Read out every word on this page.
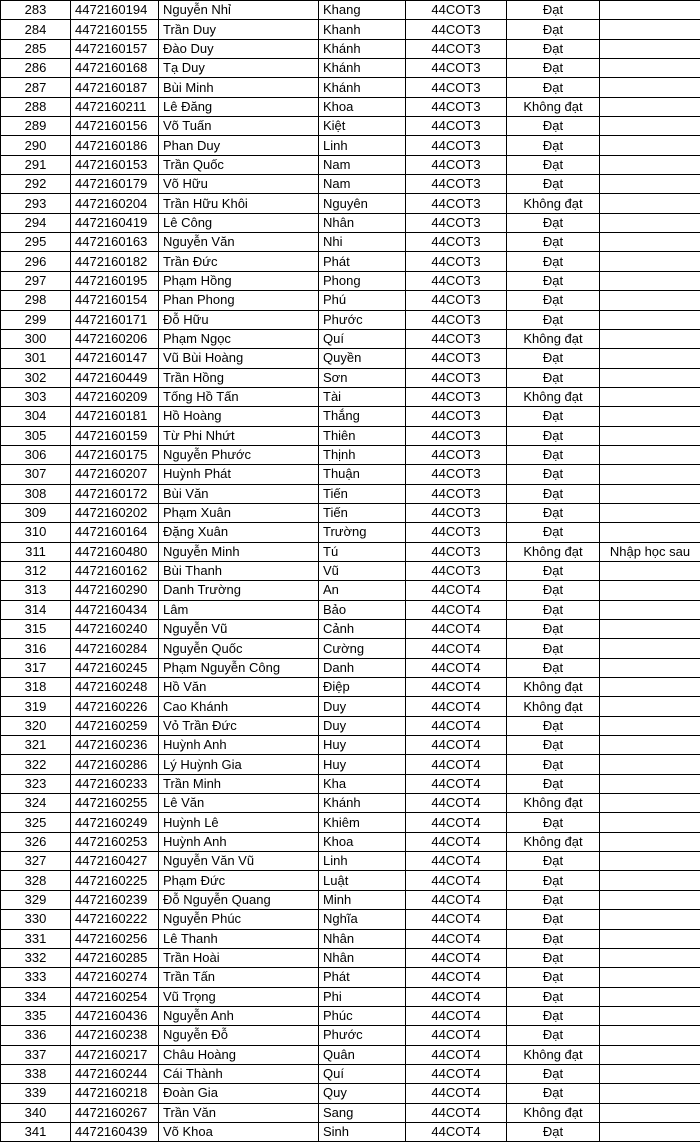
283	4472160194	Nguyễn Nhỉ	Khang	44COT3	Đạt	
284	4472160155	Trần Duy	Khanh	44COT3	Đạt	
285	4472160157	Đào Duy	Khánh	44COT3	Đạt	
286	4472160168	Tạ Duy	Khánh	44COT3	Đạt	
287	4472160187	Bùi Minh	Khánh	44COT3	Đạt	
288	4472160211	Lê Đăng	Khoa	44COT3	Không đạt	
289	4472160156	Võ Tuấn	Kiệt	44COT3	Đạt	
290	4472160186	Phan Duy	Linh	44COT3	Đạt	
291	4472160153	Trần Quốc	Nam	44COT3	Đạt	
292	4472160179	Võ Hữu	Nam	44COT3	Đạt	
293	4472160204	Trần Hữu Khôi	Nguyên	44COT3	Không đạt	
294	4472160419	Lê Công	Nhân	44COT3	Đạt	
295	4472160163	Nguyễn Văn	Nhi	44COT3	Đạt	
296	4472160182	Trần Đức	Phát	44COT3	Đạt	
297	4472160195	Phạm Hồng	Phong	44COT3	Đạt	
298	4472160154	Phan Phong	Phú	44COT3	Đạt	
299	4472160171	Đỗ Hữu	Phước	44COT3	Đạt	
300	4472160206	Phạm Ngọc	Quí	44COT3	Không đạt	
301	4472160147	Vũ Bùi Hoàng	Quyền	44COT3	Đạt	
302	4472160449	Trần Hồng	Sơn	44COT3	Đạt	
303	4472160209	Tống Hồ Tấn	Tài	44COT3	Không đạt	
304	4472160181	Hồ Hoàng	Thắng	44COT3	Đạt	
305	4472160159	Từ Phi Nhứt	Thiên	44COT3	Đạt	
306	4472160175	Nguyễn Phước	Thịnh	44COT3	Đạt	
307	4472160207	Huỳnh Phát	Thuận	44COT3	Đạt	
308	4472160172	Bùi Văn	Tiến	44COT3	Đạt	
309	4472160202	Phạm Xuân	Tiến	44COT3	Đạt	
310	4472160164	Đặng Xuân	Trường	44COT3	Đạt	
311	4472160480	Nguyễn Minh	Tú	44COT3	Không đạt	Nhập học sau
312	4472160162	Bùi Thanh	Vũ	44COT3	Đạt	
313	4472160290	Danh Trường	An	44COT4	Đạt	
314	4472160434	Lâm	Bảo	44COT4	Đạt	
315	4472160240	Nguyễn Vũ	Cảnh	44COT4	Đạt	
316	4472160284	Nguyễn Quốc	Cường	44COT4	Đạt	
317	4472160245	Phạm Nguyễn Công	Danh	44COT4	Đạt	
318	4472160248	Hồ Văn	Điệp	44COT4	Không đạt	
319	4472160226	Cao Khánh	Duy	44COT4	Không đạt	
320	4472160259	Vỏ Trần Đức	Duy	44COT4	Đạt	
321	4472160236	Huỳnh Anh	Huy	44COT4	Đạt	
322	4472160286	Lý Huỳnh Gia	Huy	44COT4	Đạt	
323	4472160233	Trần Minh	Kha	44COT4	Đạt	
324	4472160255	Lê Văn	Khánh	44COT4	Không đạt	
325	4472160249	Huỳnh Lê	Khiêm	44COT4	Đạt	
326	4472160253	Huỳnh Anh	Khoa	44COT4	Không đạt	
327	4472160427	Nguyễn Văn Vũ	Linh	44COT4	Đạt	
328	4472160225	Phạm Đức	Luật	44COT4	Đạt	
329	4472160239	Đỗ Nguyễn Quang	Minh	44COT4	Đạt	
330	4472160222	Nguyễn Phúc	Nghĩa	44COT4	Đạt	
331	4472160256	Lê Thanh	Nhân	44COT4	Đạt	
332	4472160285	Trần Hoài	Nhân	44COT4	Đạt	
333	4472160274	Trần Tấn	Phát	44COT4	Đạt	
334	4472160254	Vũ Trọng	Phi	44COT4	Đạt	
335	4472160436	Nguyễn Anh	Phúc	44COT4	Đạt	
336	4472160238	Nguyễn Đỗ	Phước	44COT4	Đạt	
337	4472160217	Châu Hoàng	Quân	44COT4	Không đạt	
338	4472160244	Cái Thành	Quí	44COT4	Đạt	
339	4472160218	Đoàn Gia	Quy	44COT4	Đạt	
340	4472160267	Trần Văn	Sang	44COT4	Không đạt	
341	4472160439	Võ Khoa	Sinh	44COT4	Đạt	
